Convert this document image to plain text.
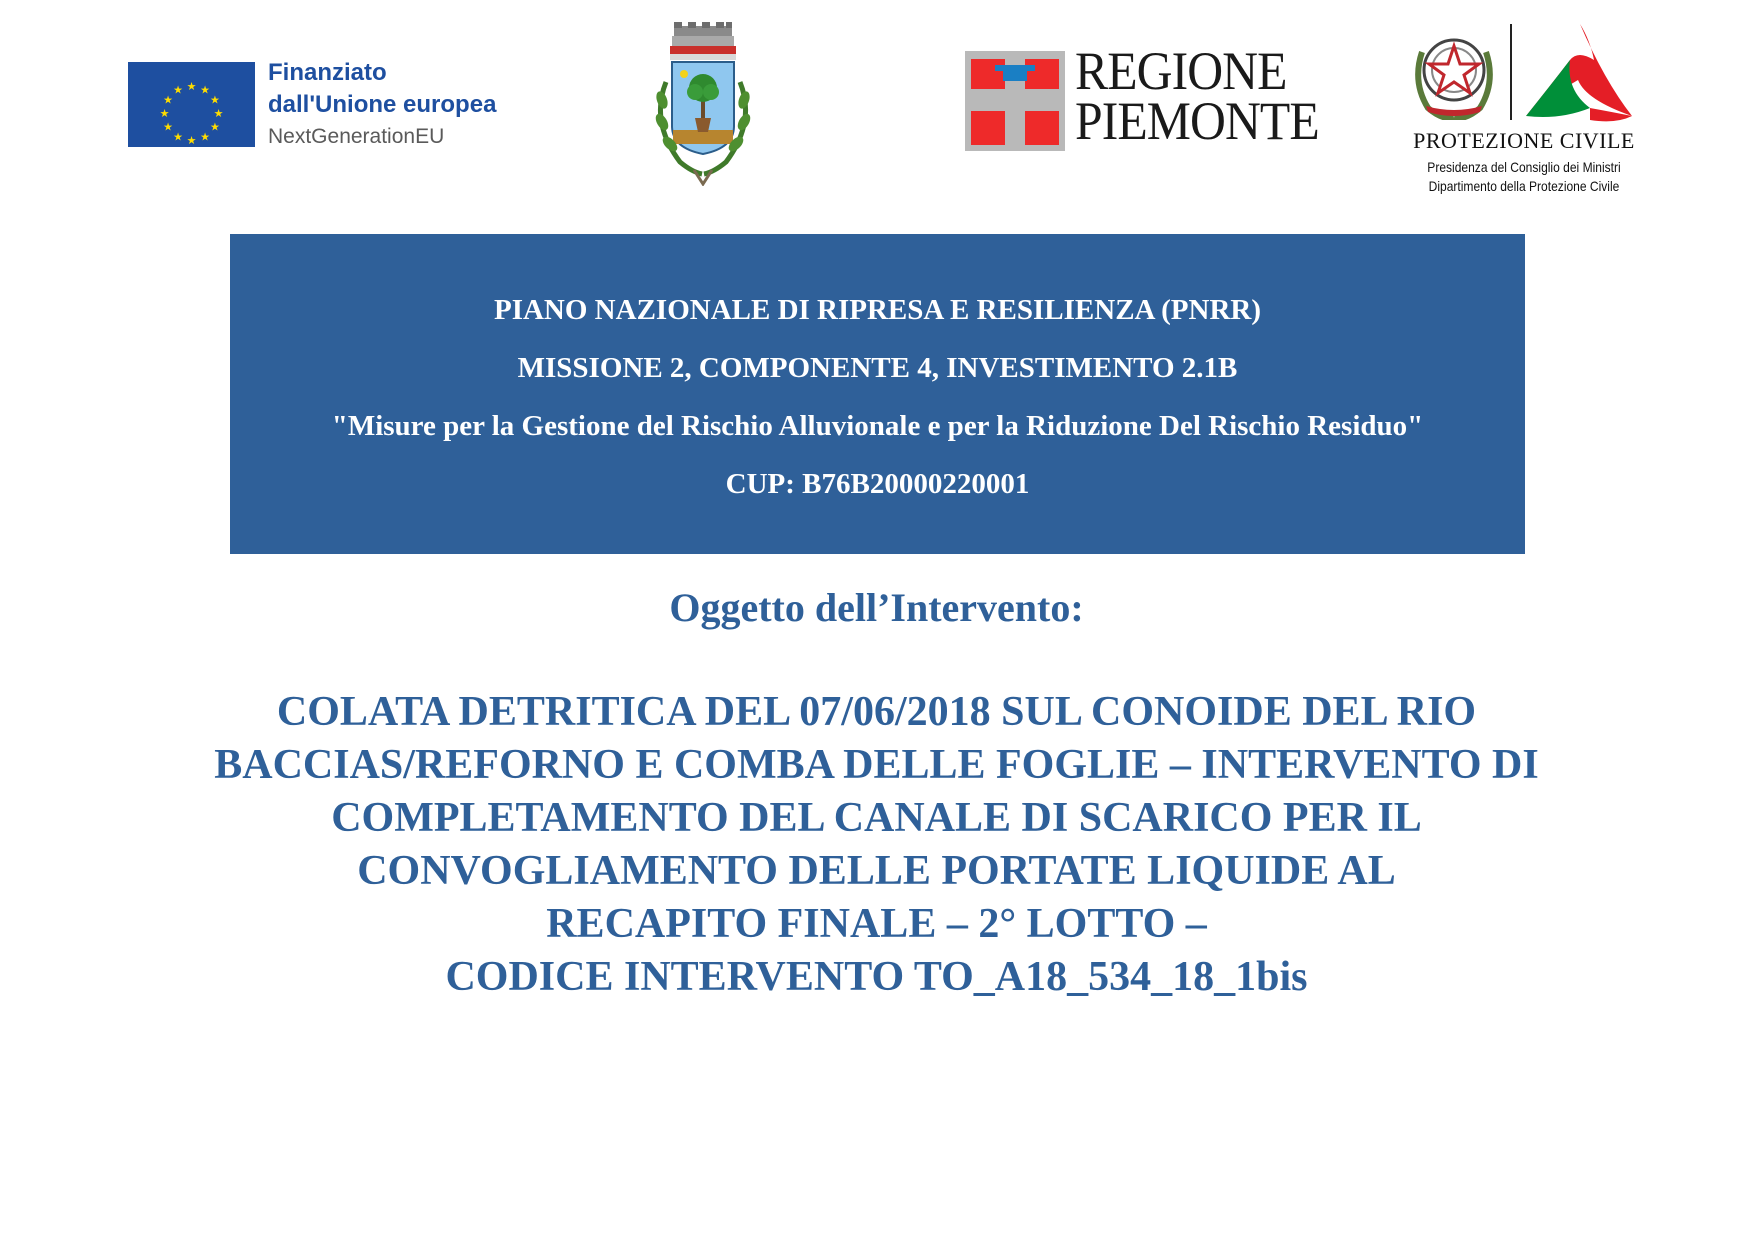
★ ★
★
★
★
★
★
★
★
★
★
★
Finanziato
dall'Unione europea
NextGenerationEU
REGIONE
PIEMONTE	PROTEZIONE CIVILE
Presidenza del Consiglio dei Ministri
Dipartimento della Protezione Civile
PIANO NAZIONALE DI RIPRESA E RESILIENZA (PNRR)
MISSIONE 2, COMPONENTE 4, INVESTIMENTO 2.1B
"Misure per la Gestione del Rischio Alluvionale e per la Riduzione Del Rischio Residuo"
CUP: B76B20000220001
Oggetto dell’Intervento:
COLATA DETRITICA DEL 07/06/2018 SUL CONOIDE DEL RIO
BACCIAS/REFORNO E COMBA DELLE FOGLIE – INTERVENTO DI
COMPLETAMENTO DEL CANALE DI SCARICO PER IL
CONVOGLIAMENTO DELLE PORTATE LIQUIDE AL
RECAPITO FINALE – 2° LOTTO –
CODICE INTERVENTO TO_A18_534_18_1bis
